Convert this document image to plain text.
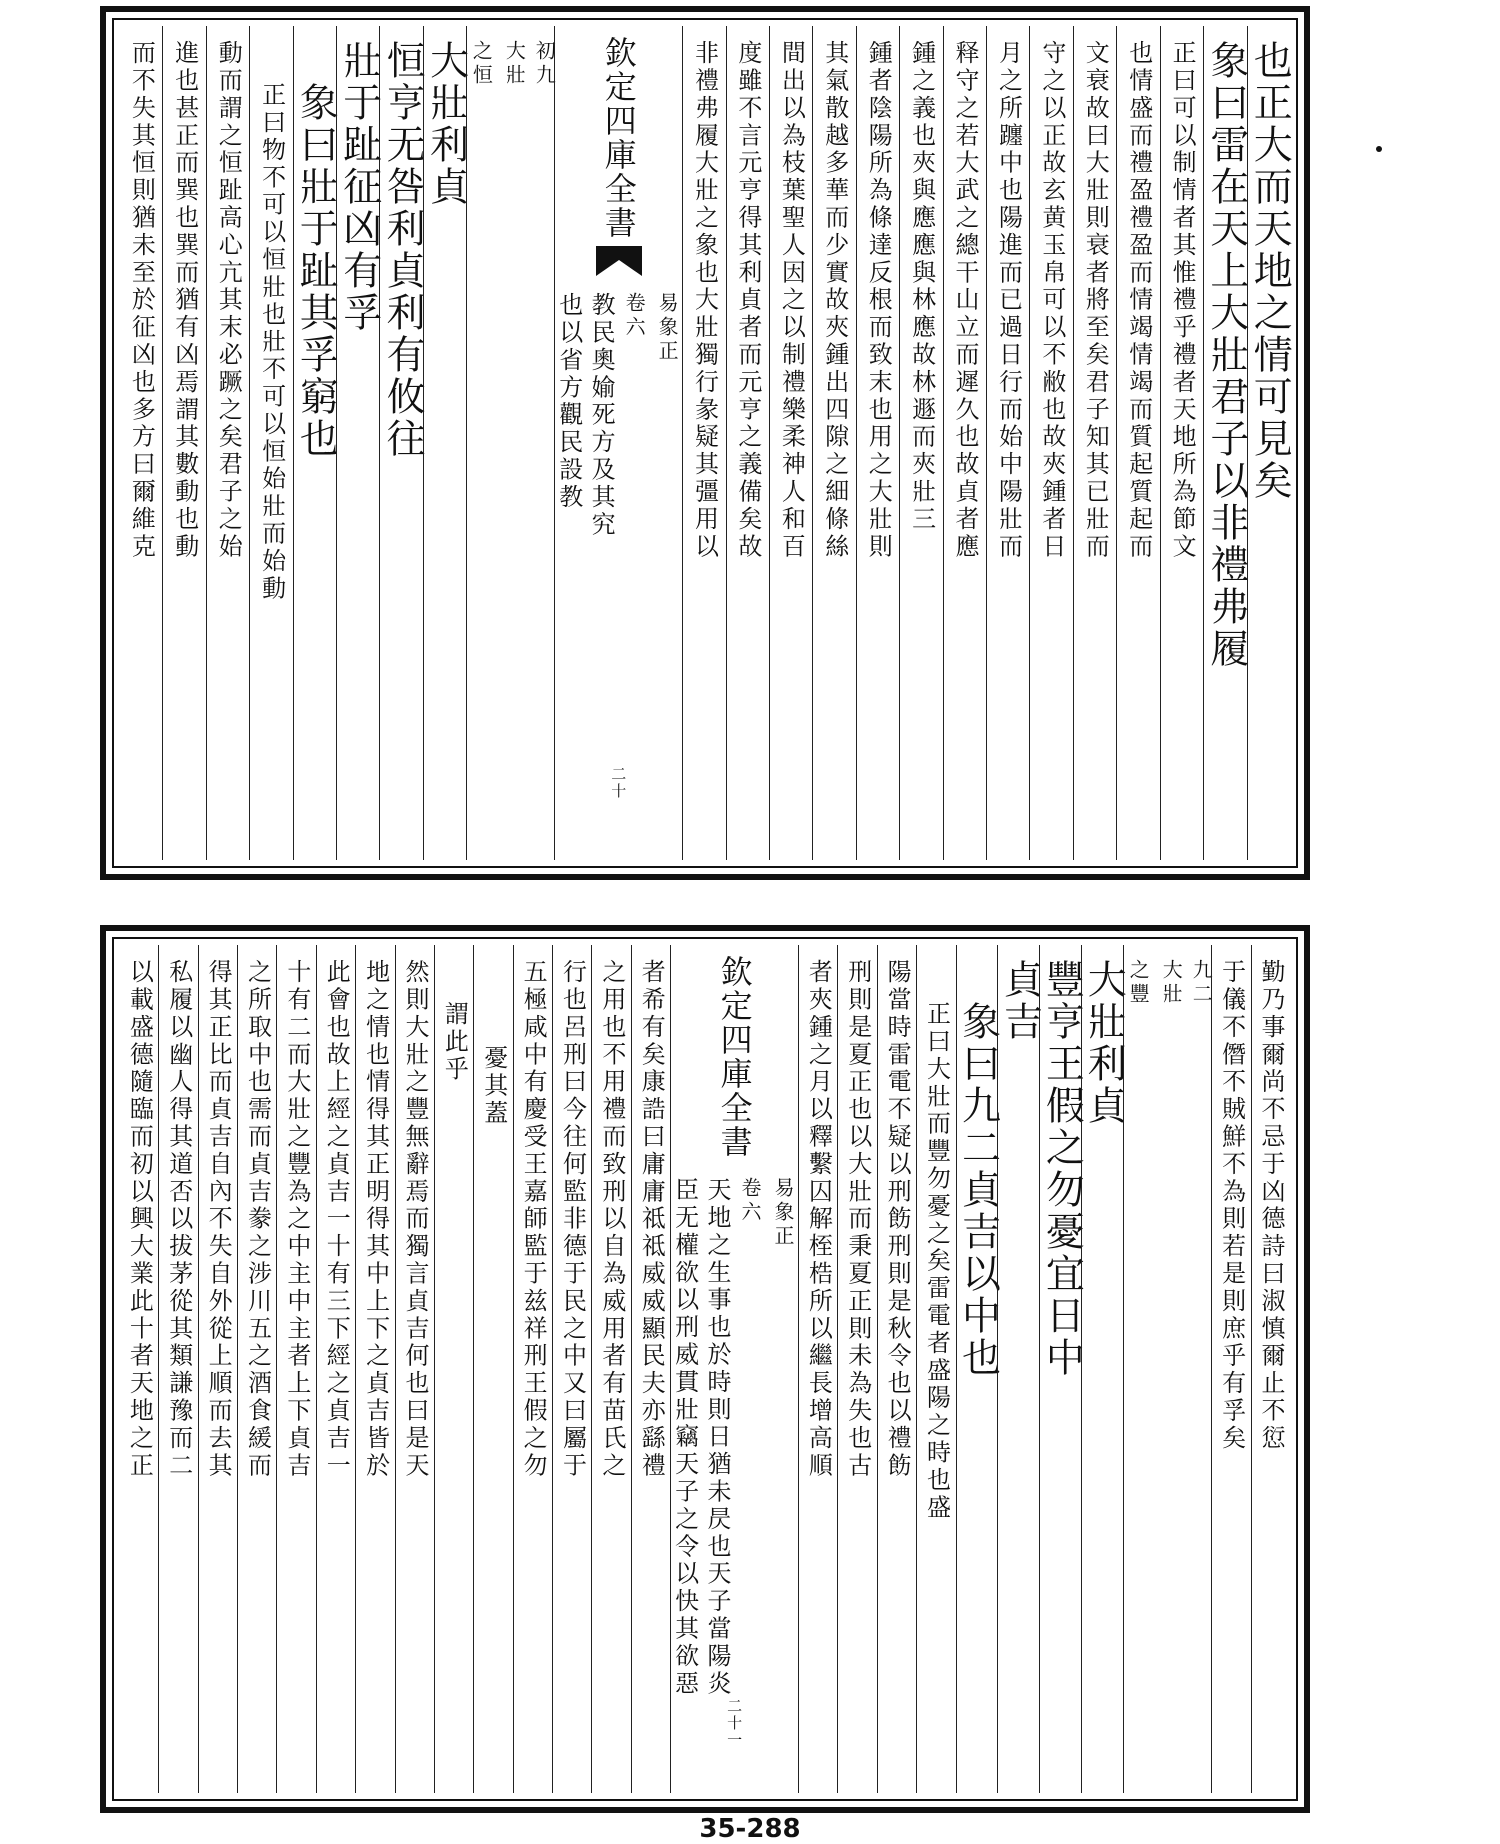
也正大而天地之情可見矣
象曰雷在天上大壯君子以非禮弗履
正曰可以制情者其惟禮乎禮者天地所為節文
也情盛而禮盈禮盈而情竭情竭而質起質起而
文衰故曰大壯則衰者將至矣君子知其已壯而
守之以正故玄黄玉帛可以不敝也故夾鍾者日
月之所躔中也陽進而已過日行而始中陽壯而
释守之若大武之總干山立而遲久也故貞者應
鍾之義也夾與應應與林應故林遯而夾壯三
鍾者陰陽所為條達反根而致末也用之大壯則
其氣散越多華而少實故夾鍾出四隙之細條絲
間出以為枝葉聖人因之以制禮樂柔神人和百
度雖不言元亨得其利貞者而元亨之義備矣故
非禮弗履大壯之象也大壯獨行彖疑其彊用以
欽定四庫全書
易象正
卷六
教民奧媮死方及其究
也以省方觀民設教
二十
初九
大壯
之恒
大壯利貞
恒亨无咎利貞利有攸往
壯于趾征凶有孚
象曰壯于趾其孚窮也
正曰物不可以恒壯也壯不可以恒始壯而始動
動而謂之恒趾高心亢其末必蹶之矣君子之始
進也甚正而巽也巽而猶有凶焉謂其數動也動
而不失其恒則猶未至於征凶也多方曰爾維克
勤乃事爾尚不忌于凶德詩曰淑慎爾止不愆
于儀不僭不賊鮮不為則若是則庶乎有孚矣
九二
大壯
之豐
大壯利貞
豐亨王假之勿憂宜日中
貞吉
象曰九二貞吉以中也
正曰大壯而豐勿憂之矣雷電者盛陽之時也盛
陽當時雷電不疑以刑飭刑則是秋令也以禮飭
刑則是夏正也以大壯而秉夏正則未為失也古
者夾鍾之月以釋繫囚解桎梏所以繼長增高順
欽定四庫全書
易象正
卷六
天地之生事也於時則日猶未昃也天子當陽炎
臣无權欲以刑威貫壯竊天子之令以快其欲惡
二十一
者希有矣康誥曰庸庸祗祗威威顯民夫亦繇禮
之用也不用禮而致刑以自為威用者有苗氏之
行也呂刑曰今往何監非德于民之中又曰屬于
五極咸中有慶受王嘉師監于兹祥刑王假之勿
憂其蓋
謂此乎
然則大壯之豐無辭焉而獨言貞吉何也曰是天
地之情也情得其正明得其中上下之貞吉皆於
此會也故上經之貞吉一十有三下經之貞吉一
十有二而大壯之豐為之中主中主者上下貞吉
之所取中也需而貞吉豢之涉川五之酒食緩而
得其正比而貞吉自內不失自外從上順而去其
私履以幽人得其道否以拔茅從其類謙豫而二
以載盛德隨臨而初以興大業此十者天地之正
35-288
